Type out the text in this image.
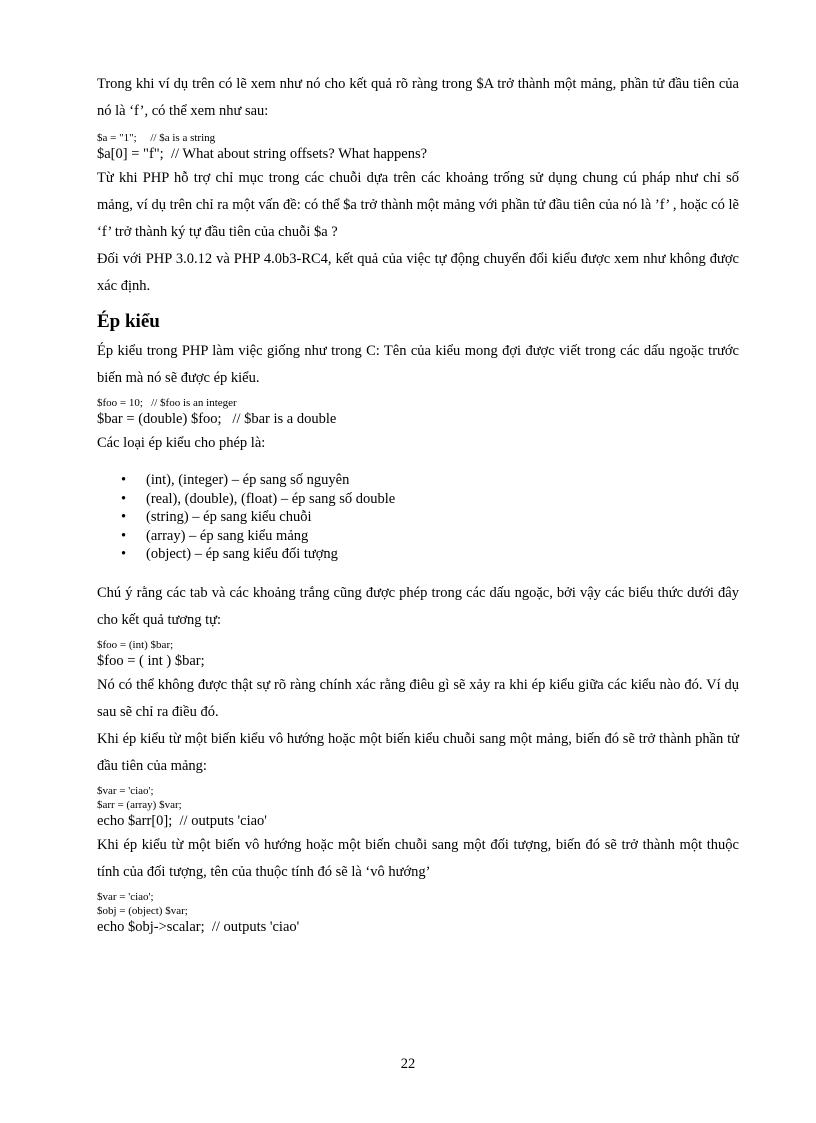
Trong khi ví dụ trên có lẽ xem như nó cho kết quả rõ ràng trong $A trở thành một mảng, phần tử đầu tiên của nó là ‘f’, có thể xem như sau:

$a = "1";     // $a is a string

$a[0] = "f";  // What about string offsets? What happens?

Từ khi PHP hỗ trợ chỉ mục trong các chuỗi dựa trên các khoảng trống sử dụng chung cú pháp như chỉ số mảng, ví dụ trên chỉ ra một vấn đề: có thể $a trở thành một mảng với phần tử đầu tiên của nó là ’f’ , hoặc có lẽ ‘f’ trở thành ký tự đầu tiên của chuỗi $a ?

Đối với PHP 3.0.12 và PHP 4.0b3-RC4, kết quả của việc tự động chuyển đổi kiểu được xem như không được xác định.

Ép kiểu

Ép kiểu trong PHP làm việc giống như trong C: Tên của kiểu mong đợi được viết trong các dấu ngoặc trước biến mà nó sẽ được ép kiểu.

$foo = 10;   // $foo is an integer

$bar = (double) $foo;   // $bar is a double

Các loại ép kiểu cho phép là:

• (int), (integer) – ép sang số nguyên
• (real), (double), (float) – ép sang số double
• (string) – ép sang kiểu chuỗi
• (array) – ép sang kiểu mảng
• (object) – ép sang kiểu đối tượng

Chú ý rằng các tab và các khoảng trắng cũng được phép trong các dấu ngoặc, bởi vậy các biểu thức dưới đây cho kết quả tương tự:

$foo = (int) $bar;

$foo = ( int ) $bar;

Nó có thể không được thật sự rõ ràng chính xác rằng điêu gì sẽ xảy ra khi ép kiểu giữa các kiểu nào đó. Ví dụ sau sẽ chỉ ra điều đó.

Khi ép kiểu từ một biến kiểu vô hướng hoặc một biến kiểu chuỗi sang một mảng, biến đó sẽ trở thành phần tử đầu tiên của mảng:

$var = 'ciao';

$arr = (array) $var;

echo $arr[0];  // outputs 'ciao'

Khi ép kiểu từ một biến vô hướng hoặc một biến chuỗi sang một đối tượng, biến đó sẽ trở thành một thuộc tính của đối tượng, tên của thuộc tính đó sẽ là ‘vô hướng’

$var = 'ciao';

$obj = (object) $var;

echo $obj->scalar;  // outputs 'ciao'

22
